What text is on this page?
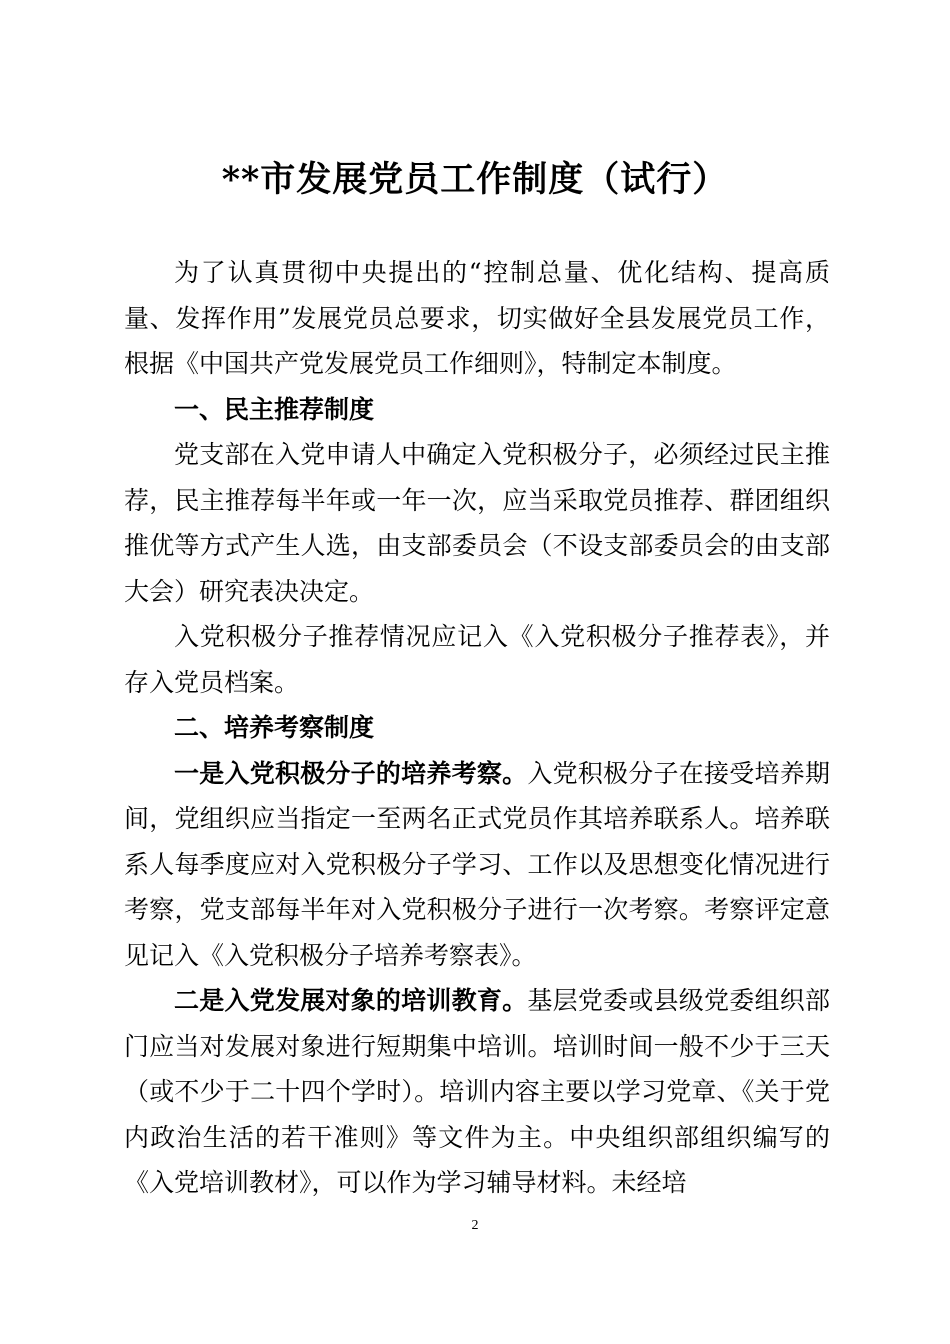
**市发展党员工作制度（试行）

为了认真贯彻中央提出的“控制总量、优化结构、提高质量、发挥作用”发展党员总要求，切实做好全县发展党员工作，根据《中国共产党发展党员工作细则》，特制定本制度。

一、民主推荐制度

党支部在入党申请人中确定入党积极分子，必须经过民主推荐，民主推荐每半年或一年一次，应当采取党员推荐、群团组织推优等方式产生人选，由支部委员会（不设支部委员会的由支部大会）研究表决决定。

入党积极分子推荐情况应记入《入党积极分子推荐表》，并存入党员档案。

二、培养考察制度

一是入党积极分子的培养考察。入党积极分子在接受培养期间，党组织应当指定一至两名正式党员作其培养联系人。培养联系人每季度应对入党积极分子学习、工作以及思想变化情况进行考察，党支部每半年对入党积极分子进行一次考察。考察评定意见记入《入党积极分子培养考察表》。

二是入党发展对象的培训教育。基层党委或县级党委组织部门应当对发展对象进行短期集中培训。培训时间一般不少于三天（或不少于二十四个学时）。培训内容主要以学习党章、《关于党内政治生活的若干准则》等文件为主。中央组织部组织编写的《入党培训教材》，可以作为学习辅导材料。未经培

2
